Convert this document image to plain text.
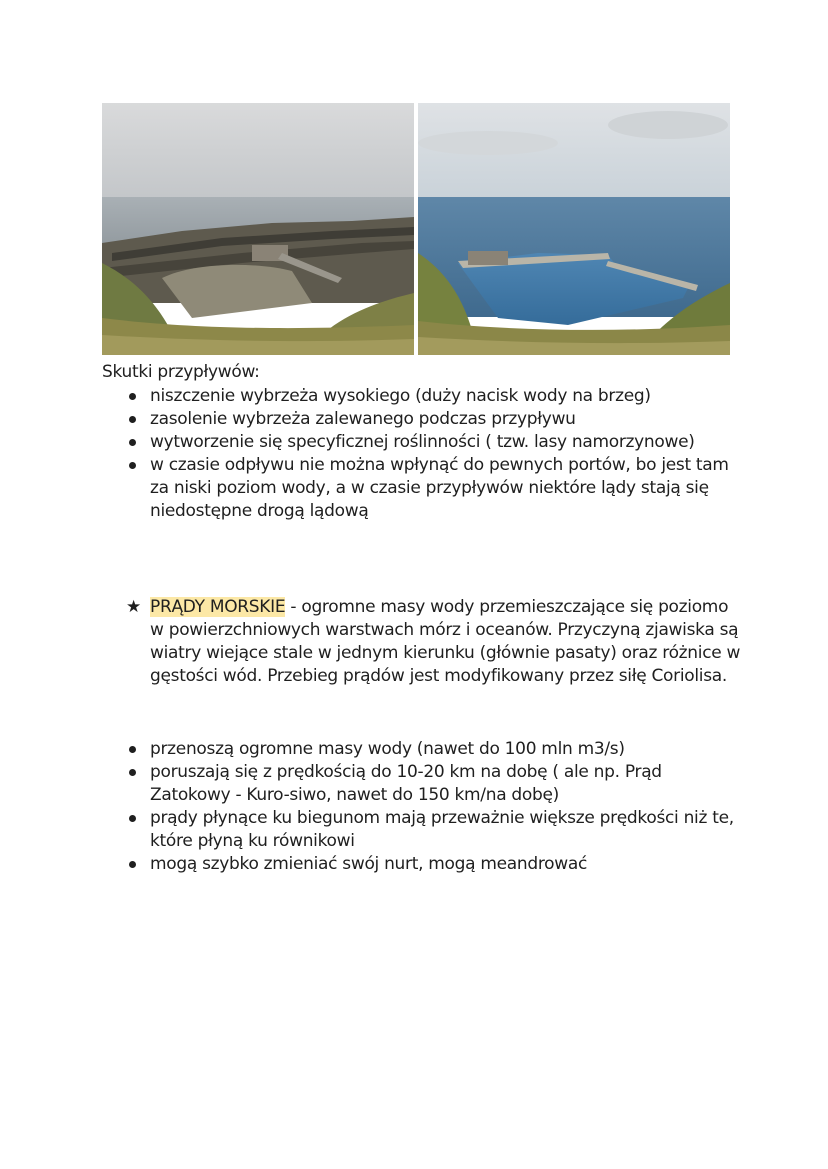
Skutki przypływów:
niszczenie wybrzeża wysokiego (duży nacisk wody na brzeg)
zasolenie wybrzeża zalewanego podczas przypływu
wytworzenie się specyficznej roślinności ( tzw. lasy namorzynowe)
w czasie odpływu nie można wpłynąć do pewnych portów, bo jest tam za niski poziom wody, a w czasie przypływów niektóre lądy stają się niedostępne drogą lądową
★ PRĄDY MORSKIE - ogromne masy wody przemieszczające się poziomo w powierzchniowych warstwach mórz i oceanów. Przyczyną zjawiska są wiatry wiejące stale w jednym kierunku (głównie pasaty) oraz różnice w gęstości wód. Przebieg prądów jest modyfikowany przez siłę Coriolisa.
przenoszą ogromne masy wody (nawet do 100 mln m3/s)
poruszają się z prędkością do 10-20 km na dobę ( ale np. Prąd Zatokowy - Kuro-siwo, nawet do 150 km/na dobę)
prądy płynące ku biegunom mają przeważnie większe prędkości niż te, które płyną ku równikowi
mogą szybko zmieniać swój nurt, mogą meandrować
